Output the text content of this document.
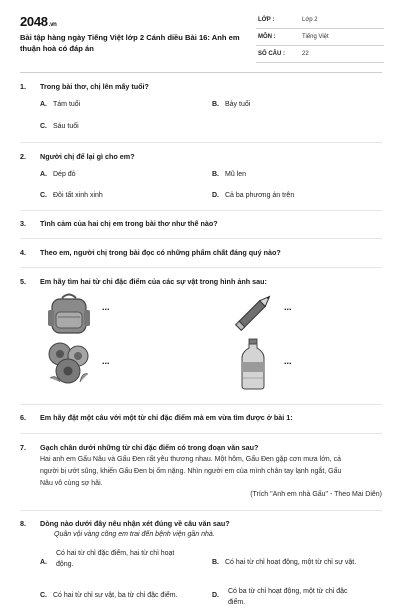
2048.vn
Bài tập hàng ngày Tiếng Việt lớp 2 Cánh diều Bài 16: Anh em thuận hoà có đáp án
LỚP :	Lớp 2
MÔN :	Tiếng Việt
SỐ CÂU :	22
1.	Trong bài thơ, chị lên mấy tuổi?
A. Tám tuổi	B. Bảy tuổi
C. Sáu tuổi
2.	Người chị để lại gì cho em?
A. Dép đỏ	B. Mũ len
C. Đôi tất xinh xinh	D. Cả ba phương án trên
3.	Tình cảm của hai chị em trong bài thơ như thế nào?
4.	Theo em, người chị trong bài đọc có những phẩm chất đáng quý nào?
5.	Em hãy tìm hai từ chỉ đặc điểm của các sự vật trong hình ảnh sau:
...	...
...	...
6.	Em hãy đặt một câu với một từ chỉ đặc điểm mà em vừa tìm được ở bài 1:
7.	Gạch chân dưới những từ chỉ đặc điểm có trong đoạn văn sau?
Hai anh em Gấu Nâu và Gấu Đen rất yêu thương nhau. Một hôm, Gấu Đen gặp cơn mưa lớn, cả
người bị ướt sũng, khiến Gấu Đen bị ốm nặng. Nhìn người em của mình chân tay lạnh ngắt, Gấu
Nâu vô cùng sợ hãi.
(Trích "Anh em nhà Gấu" - Theo Mai Diên)
8.	Dòng nào dưới đây nêu nhận xét đúng về câu văn sau?
Quân vội vàng cõng em trai đến bệnh viện gần nhà.
A.
Có hai từ chỉ đặc điểm, hai từ chỉ hoạt
động.	B. Có hai từ chỉ hoạt động, một từ chỉ sự vật.
C. Có hai từ chỉ sự vật, ba từ chỉ đặc điểm.	D.
Có ba từ chỉ hoạt động, một từ chỉ đặc
điểm.
